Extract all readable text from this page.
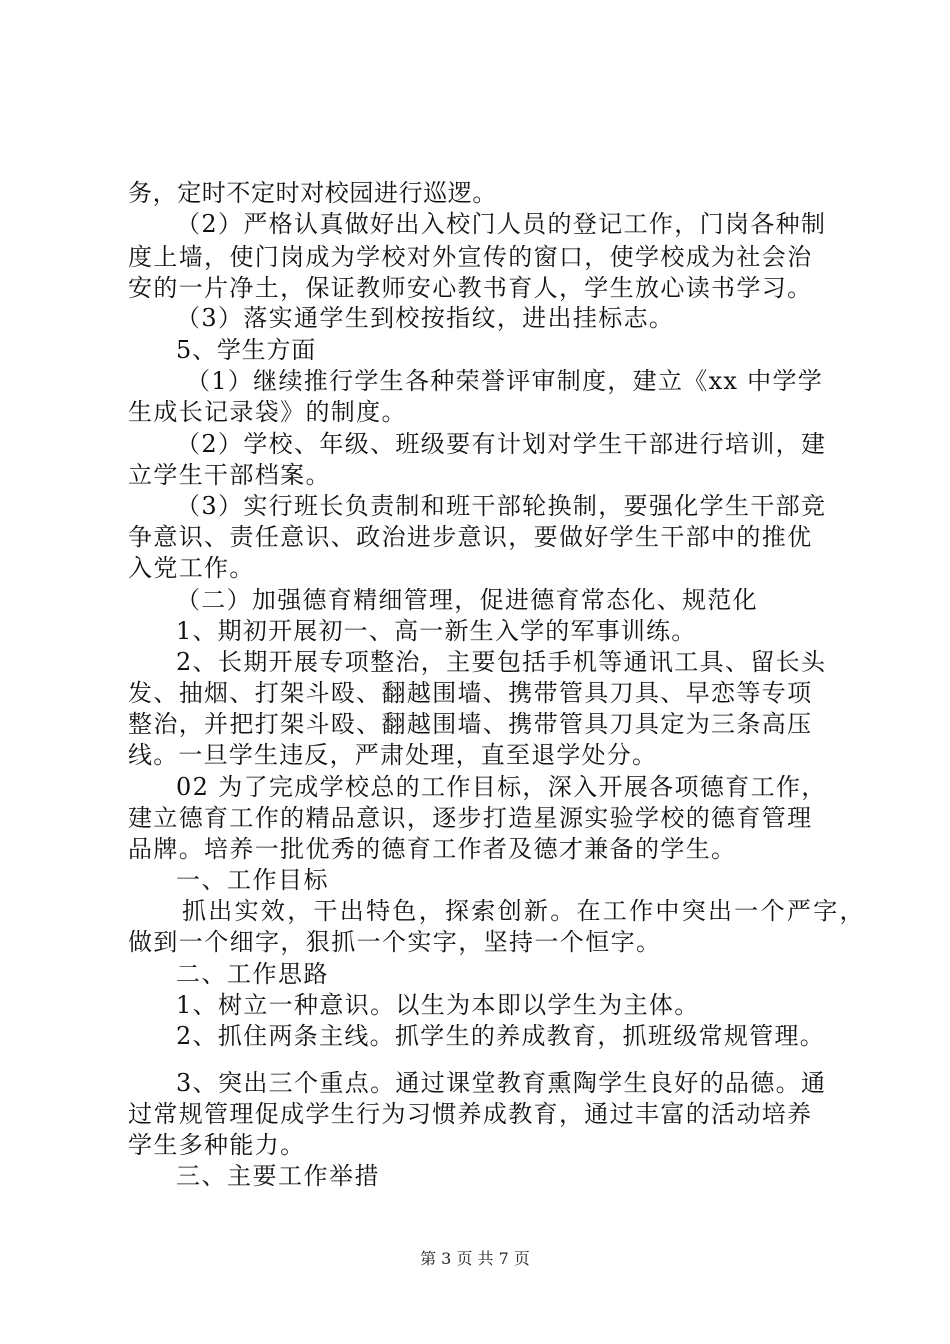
务，定时不定时对校园进行巡逻。
（2）严格认真做好出入校门人员的登记工作，门岗各种制
度上墙，使门岗成为学校对外宣传的窗口，使学校成为社会治
安的一片净土，保证教师安心教书育人，学生放心读书学习。
（3）落实通学生到校按指纹，进出挂标志。
5、学生方面
（1）继续推行学生各种荣誉评审制度，建立《xx 中学学
生成长记录袋》的制度。
（2）学校、年级、班级要有计划对学生干部进行培训，建
立学生干部档案。
（3）实行班长负责制和班干部轮换制，要强化学生干部竞
争意识、责任意识、政治进步意识，要做好学生干部中的推优
入党工作。
（二）加强德育精细管理，促进德育常态化、规范化
1、期初开展初一、高一新生入学的军事训练。
2、长期开展专项整治，主要包括手机等通讯工具、留长头
发、抽烟、打架斗殴、翻越围墙、携带管具刀具、早恋等专项
整治，并把打架斗殴、翻越围墙、携带管具刀具定为三条高压
线。一旦学生违反，严肃处理，直至退学处分。
02 为了完成学校总的工作目标，深入开展各项德育工作，
建立德育工作的精品意识，逐步打造星源实验学校的德育管理
品牌。培养一批优秀的德育工作者及德才兼备的学生。
一、工作目标
抓出实效，干出特色，探索创新。在工作中突出一个严字，
做到一个细字，狠抓一个实字，坚持一个恒字。
二、工作思路
1、树立一种意识。以生为本即以学生为主体。
2、抓住两条主线。抓学生的养成教育，抓班级常规管理。
3、突出三个重点。通过课堂教育熏陶学生良好的品德。通
过常规管理促成学生行为习惯养成教育，通过丰富的活动培养
学生多种能力。
三、主要工作举措
第 3 页 共 7 页
